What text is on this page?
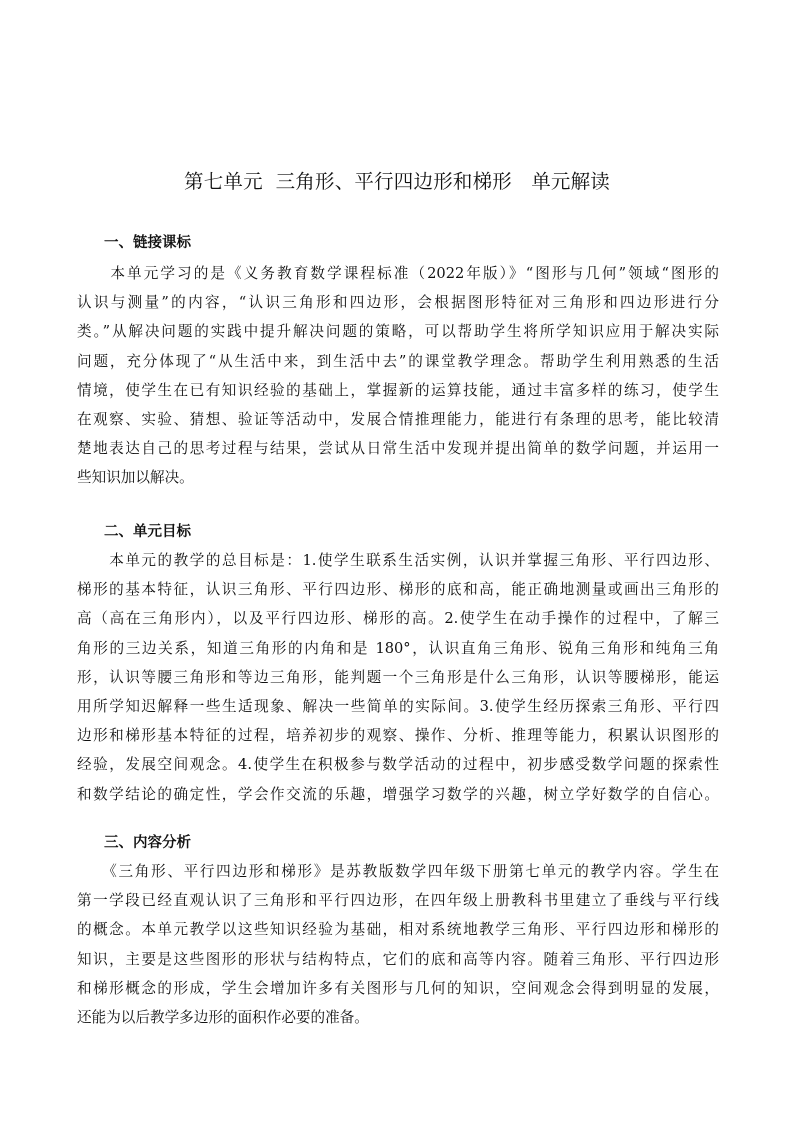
第七单元  三角形、平行四边形和梯形   单元解读
一、链接课标
　　本单元学习的是《义务教育数学课程标准（2022年版）》“图形与几何”领域“图形的
认识与测量”的内容，“认识三角形和四边形，会根据图形特征对三角形和四边形进行分
类。”从解决问题的实践中提升解决问题的策略，可以帮助学生将所学知识应用于解决实际
问题，充分体现了“从生活中来，到生活中去”的课堂教学理念。帮助学生利用熟悉的生活
情境，使学生在已有知识经验的基础上，掌握新的运算技能，通过丰富多样的练习，使学生
在观察、实验、猜想、验证等活动中，发展合情推理能力，能进行有条理的思考，能比较清
楚地表达自己的思考过程与结果，尝试从日常生活中发现并提出简单的数学问题，并运用一
些知识加以解决。
二、单元目标
　　本单元的教学的总目标是：1.使学生联系生活实例，认识并掌握三角形、平行四边形、
梯形的基本特征，认识三角形、平行四边形、梯形的底和高，能正确地测量或画出三角形的
高（高在三角形内），以及平行四边形、梯形的高。2.使学生在动手操作的过程中，了解三
角形的三边关系，知道三角形的内角和是 180°，认识直角三角形、锐角三角形和纯角三角
形，认识等腰三角形和等边三角形，能判题一个三角形是什么三角形，认识等腰梯形，能运
用所学知迟解释一些生适现象、解决一些简单的实际间。3.使学生经历探索三角形、平行四
边形和梯形基本特征的过程，培养初步的观察、操作、分析、推理等能力，积累认识图形的
经验，发展空间观念。4.使学生在积极参与数学活动的过程中，初步感受数学问题的探索性
和数学结论的确定性，学会作交流的乐趣，增强学习数学的兴趣，树立学好数学的自信心。
三、内容分析
　　《三角形、平行四边形和梯形》是苏教版数学四年级下册第七单元的教学内容。学生在
第一学段已经直观认识了三角形和平行四边形，在四年级上册教科书里建立了垂线与平行线
的概念。本单元教学以这些知识经验为基础，相对系统地教学三角形、平行四边形和梯形的
知识，主要是这些图形的形状与结构特点，它们的底和高等内容。随着三角形、平行四边形
和梯形概念的形成，学生会增加许多有关图形与几何的知识，空间观念会得到明显的发展，
还能为以后教学多边形的面积作必要的准备。
